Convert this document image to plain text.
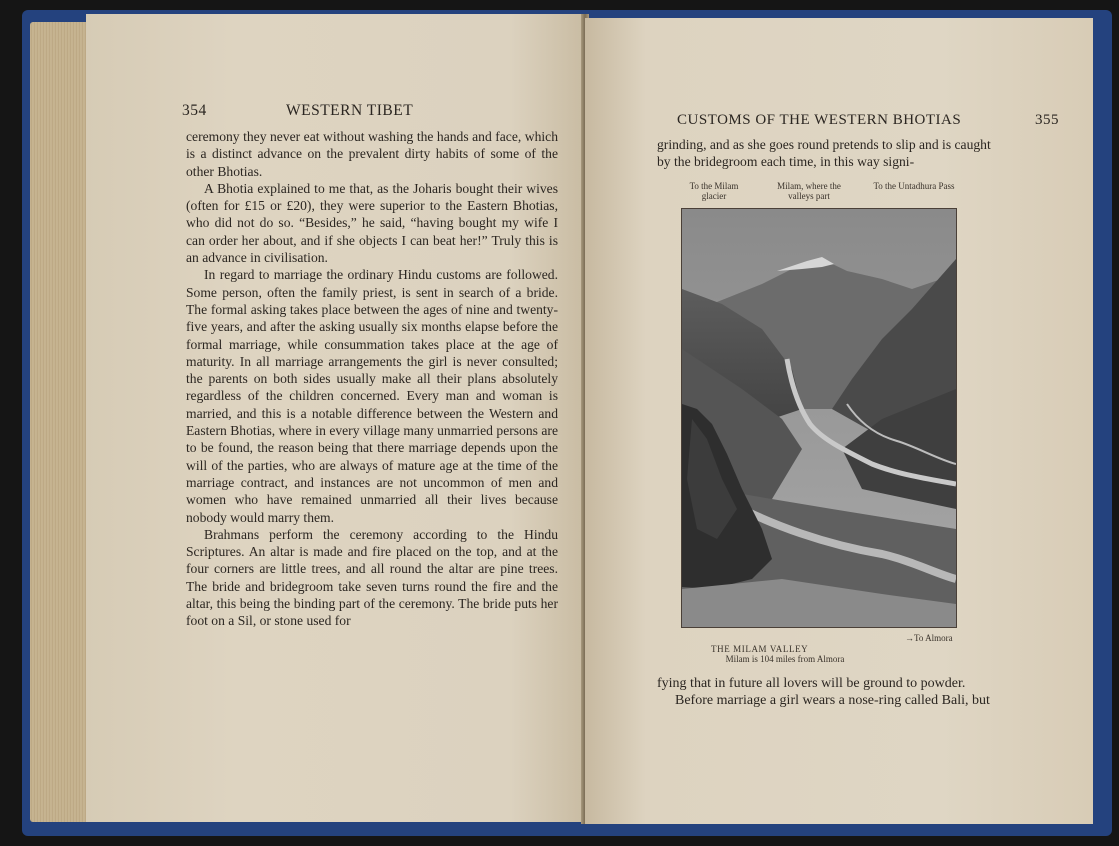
354	WESTERN TIBET

ceremony they never eat without washing the hands and face, which is a distinct advance on the prevalent dirty habits of some of the other Bhotias.

A Bhotia explained to me that, as the Joharis bought their wives (often for £15 or £20), they were superior to the Eastern Bhotias, who did not do so. “Besides,” he said, “having bought my wife I can order her about, and if she objects I can beat her!” Truly this is an advance in civilisation.

In regard to marriage the ordinary Hindu customs are followed. Some person, often the family priest, is sent in search of a bride. The formal asking takes place between the ages of nine and twenty-five years, and after the asking usually six months elapse before the formal marriage, while consummation takes place at the age of maturity. In all marriage arrangements the girl is never consulted; the parents on both sides usually make all their plans absolutely regardless of the children concerned. Every man and woman is married, and this is a notable difference between the Western and Eastern Bhotias, where in every village many unmarried persons are to be found, the reason being that there marriage depends upon the will of the parties, who are always of mature age at the time of the marriage contract, and instances are not uncommon of men and women who have remained unmarried all their lives because nobody would marry them.

Brahmans perform the ceremony according to the Hindu Scriptures. An altar is made and fire placed on the top, and at the four corners are little trees, and all round the altar are pine trees. The bride and bridegroom take seven turns round the fire and the altar, this being the binding part of the ceremony. The bride puts her foot on a Sil, or stone used for

CUSTOMS OF THE WESTERN BHOTIAS	355

grinding, and as she goes round pretends to slip and is caught by the bridegroom each time, in this way signi-

To the Milam glacier
Milam, where the valleys part
To the Untadhura Pass
THE MILAM VALLEY
→To Almora
Milam is 104 miles from Almora

fying that in future all lovers will be ground to powder.

Before marriage a girl wears a nose-ring called Bali, but
